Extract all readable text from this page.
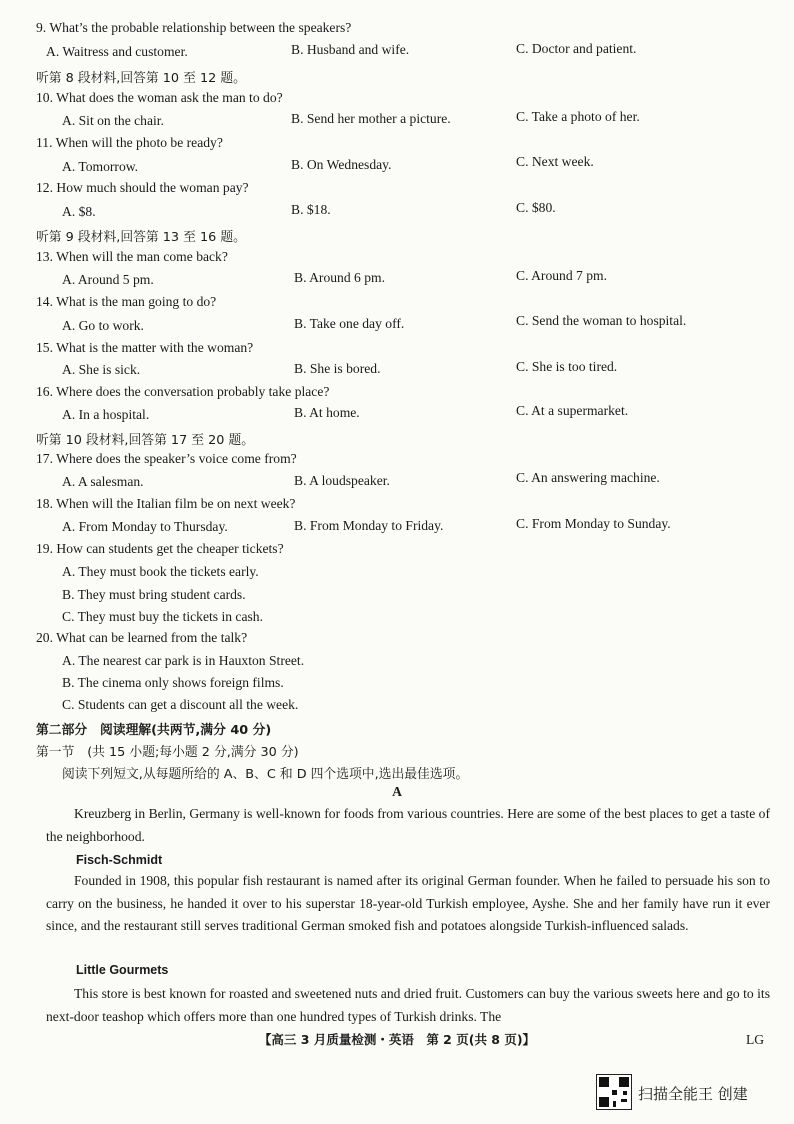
9. What’s the probable relationship between the speakers?
A. Waitress and customer.	B. Husband and wife.	C. Doctor and patient.
听第 8 段材料,回答第 10 至 12 题。
10. What does the woman ask the man to do?
A. Sit on the chair.	B. Send her mother a picture.	C. Take a photo of her.
11. When will the photo be ready?
A. Tomorrow.	B. On Wednesday.	C. Next week.
12. How much should the woman pay?
A. $8.	B. $18.	C. $80.
听第 9 段材料,回答第 13 至 16 题。
13. When will the man come back?
A. Around 5 pm.	B. Around 6 pm.	C. Around 7 pm.
14. What is the man going to do?
A. Go to work.	B. Take one day off.	C. Send the woman to hospital.
15. What is the matter with the woman?
A. She is sick.	B. She is bored.	C. She is too tired.
16. Where does the conversation probably take place?
A. In a hospital.	B. At home.	C. At a supermarket.
听第 10 段材料,回答第 17 至 20 题。
17. Where does the speaker’s voice come from?
A. A salesman.	B. A loudspeaker.	C. An answering machine.
18. When will the Italian film be on next week?
A. From Monday to Thursday.	B. From Monday to Friday.	C. From Monday to Sunday.
19. How can students get the cheaper tickets?
A. They must book the tickets early.
B. They must bring student cards.
C. They must buy the tickets in cash.
20. What can be learned from the talk?
A. The nearest car park is in Hauxton Street.
B. The cinema only shows foreign films.
C. Students can get a discount all the week.
第二部分　阅读理解(共两节,满分 40 分)
第一节　(共 15 小题;每小题 2 分,满分 30 分)
阅读下列短文,从每题所给的 A、B、C 和 D 四个选项中,选出最佳选项。
A
Kreuzberg in Berlin, Germany is well-known for foods from various countries. Here are some of the best places to get a taste of the neighborhood.
Fisch-Schmidt
Founded in 1908, this popular fish restaurant is named after its original German founder. When he failed to persuade his son to carry on the business, he handed it over to his superstar 18-year-old Turkish employee, Ayshe. She and her family have run it ever since, and the restaurant still serves traditional German smoked fish and potatoes alongside Turkish-influenced salads.
Little Gourmets
This store is best known for roasted and sweetened nuts and dried fruit. Customers can buy the various sweets here and go to its next-door teashop which offers more than one hundred types of Turkish drinks. The
【高三 3 月质量检测・英语　第 2 页(共 8 页)】	LG
扫描全能王 创建
